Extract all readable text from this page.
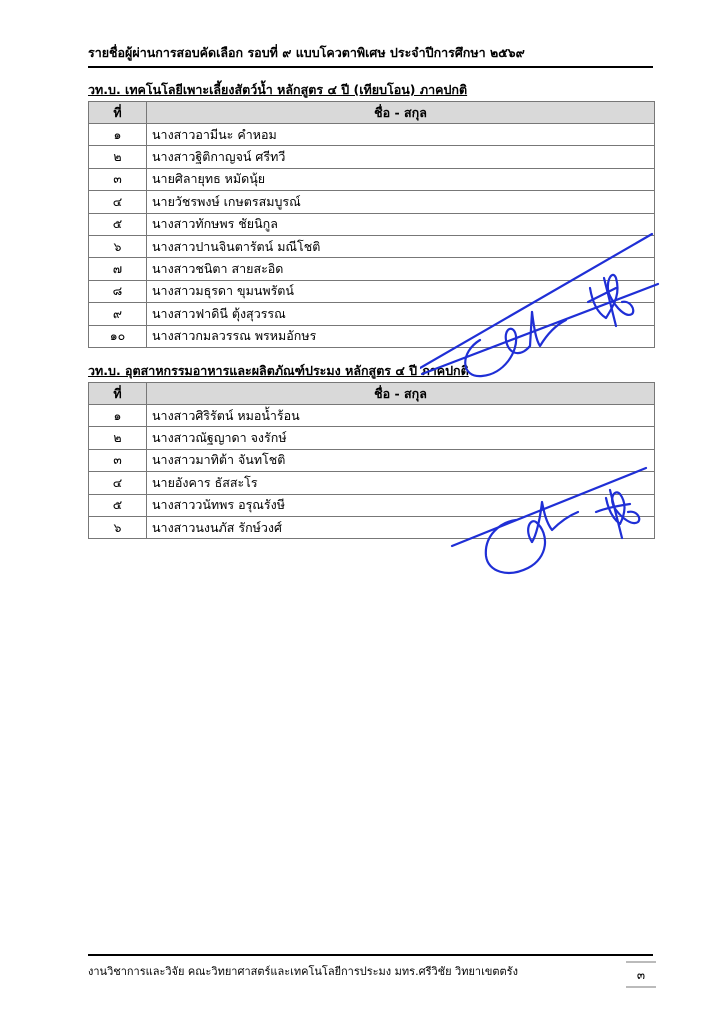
รายชื่อผู้ผ่านการสอบคัดเลือก รอบที่ ๙ แบบโควตาพิเศษ ประจำปีการศึกษา ๒๕๖๙
วท.บ. เทคโนโลยีเพาะเลี้ยงสัตว์น้ำ หลักสูตร ๔ ปี (เทียบโอน) ภาคปกติ
ที่	ชื่อ - สกุล
๑	นางสาวอามีนะ คำหอม
๒	นางสาวฐิติกาญจน์ ศรีทวี
๓	นายศิลายุทธ หมัดนุ้ย
๔	นายวัชรพงษ์ เกษตรสมบูรณ์
๕	นางสาวทักษพร ชัยนิกูล
๖	นางสาวปานจินตารัตน์ มณีโชติ
๗	นางสาวชนิตา สายสะอิด
๘	นางสาวมธุรดา ขุมนพรัตน์
๙	นางสาวฟาดินี ตุ้งสุวรรณ
๑๐	นางสาวกมลวรรณ พรหมอักษร
วท.บ. อุตสาหกรรมอาหารและผลิตภัณฑ์ประมง หลักสูตร ๔ ปี ภาคปกติ
ที่	ชื่อ - สกุล
๑	นางสาวศิริรัตน์ หมอน้ำร้อน
๒	นางสาวณัฐญาดา จงรักษ์
๓	นางสาวมาทิต้า จันทโชติ
๔	นายอังคาร ธัสสะโร
๕	นางสาววนัทพร อรุณรังษี
๖	นางสาวนงนภัส รักษ์วงศ์
งานวิชาการและวิจัย คณะวิทยาศาสตร์และเทคโนโลยีการประมง มทร.ศรีวิชัย วิทยาเขตตรัง	๓
